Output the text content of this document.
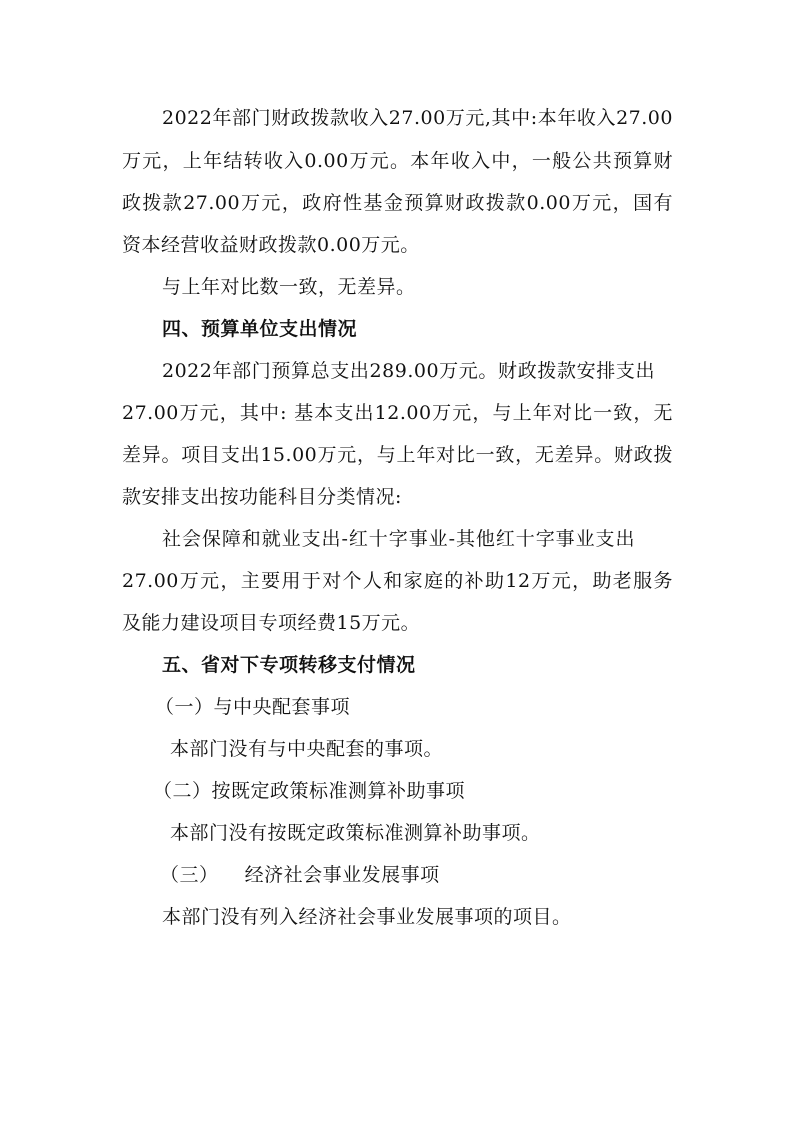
2022年部门财政拨款收入27.00万元,其中:本年收入27.00
万元，上年结转收入0.00万元。本年收入中，一般公共预算财
政拨款27.00万元，政府性基金预算财政拨款0.00万元，国有
资本经营收益财政拨款0.00万元。
与上年对比数一致，无差异。
四、预算单位支出情况
2022年部门预算总支出289.00万元。财政拨款安排支出
27.00万元，其中: 基本支出12.00万元，与上年对比一致，无
差异。项目支出15.00万元，与上年对比一致，无差异。财政拨
款安排支出按功能科目分类情况:
社会保障和就业支出-红十字事业-其他红十字事业支出
27.00万元，主要用于对个人和家庭的补助12万元，助老服务
及能力建设项目专项经费15万元。
五、省对下专项转移支付情况
（一）与中央配套事项
本部门没有与中央配套的事项。
（二）按既定政策标准测算补助事项
本部门没有按既定政策标准测算补助事项。
（三）    经济社会事业发展事项
本部门没有列入经济社会事业发展事项的项目。
